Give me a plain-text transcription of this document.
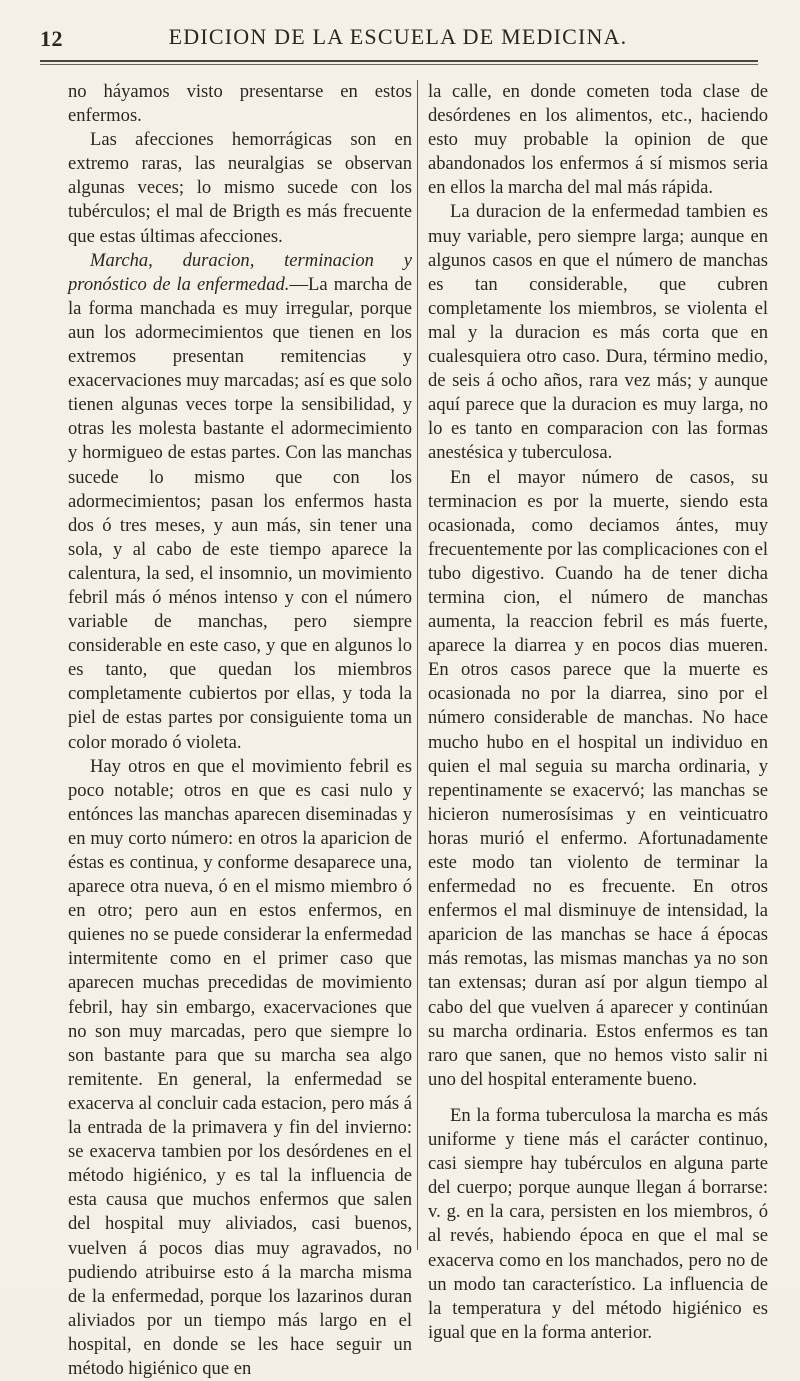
12	EDICION DE LA ESCUELA DE MEDICINA.

no háyamos visto presentarse en estos enfermos.

Las afecciones hemorrágicas son en extremo raras, las neuralgias se observan algunas veces; lo mismo sucede con los tubérculos; el mal de Brigth es más frecuente que estas últimas afecciones.

Marcha, duracion, terminacion y pronóstico de la enfermedad.—La marcha de la forma manchada es muy irregular, porque aun los adormecimientos que tienen en los extremos presentan remitencias y exacervaciones muy marcadas; así es que solo tienen algunas veces torpe la sensibilidad, y otras les molesta bastante el adormecimiento y hormigueo de estas partes. Con las manchas sucede lo mismo que con los adormecimientos; pasan los enfermos hasta dos ó tres meses, y aun más, sin tener una sola, y al cabo de este tiempo aparece la calentura, la sed, el insomnio, un movimiento febril más ó ménos intenso y con el número variable de manchas, pero siempre considerable en este caso, y que en algunos lo es tanto, que quedan los miembros completamente cubiertos por ellas, y toda la piel de estas partes por consiguiente toma un color morado ó violeta.

Hay otros en que el movimiento febril es poco notable; otros en que es casi nulo y entónces las manchas aparecen diseminadas y en muy corto número: en otros la aparicion de éstas es continua, y conforme desaparece una, aparece otra nueva, ó en el mismo miembro ó en otro; pero aun en estos enfermos, en quienes no se puede considerar la enfermedad intermitente como en el primer caso que aparecen muchas precedidas de movimiento febril, hay sin embargo, exacervaciones que no son muy marcadas, pero que siempre lo son bastante para que su marcha sea algo remitente. En general, la enfermedad se exacerva al concluir cada estacion, pero más á la entrada de la primavera y fin del invierno: se exacerva tambien por los desórdenes en el método higiénico, y es tal la influencia de esta causa que muchos enfermos que salen del hospital muy aliviados, casi buenos, vuelven á pocos dias muy agravados, no pudiendo atribuirse esto á la marcha misma de la enfermedad, porque los lazarinos duran aliviados por un tiempo más largo en el hospital, en donde se les hace seguir un método higiénico que en

la calle, en donde cometen toda clase de desórdenes en los alimentos, etc., haciendo esto muy probable la opinion de que abandonados los enfermos á sí mismos seria en ellos la marcha del mal más rápida.

La duracion de la enfermedad tambien es muy variable, pero siempre larga; aunque en algunos casos en que el número de manchas es tan considerable, que cubren completamente los miembros, se violenta el mal y la duracion es más corta que en cualesquiera otro caso. Dura, término medio, de seis á ocho años, rara vez más; y aunque aquí parece que la duracion es muy larga, no lo es tanto en comparacion con las formas anestésica y tuberculosa.

En el mayor número de casos, su terminacion es por la muerte, siendo esta ocasionada, como deciamos ántes, muy frecuentemente por las complicaciones con el tubo digestivo. Cuando ha de tener dicha termina cion, el número de manchas aumenta, la reaccion febril es más fuerte, aparece la diarrea y en pocos dias mueren. En otros casos parece que la muerte es ocasionada no por la diarrea, sino por el número considerable de manchas. No hace mucho hubo en el hospital un individuo en quien el mal seguia su marcha ordinaria, y repentinamente se exacervó; las manchas se hicieron numerosísimas y en veinticuatro horas murió el enfermo. Afortunadamente este modo tan violento de terminar la enfermedad no es frecuente. En otros enfermos el mal disminuye de intensidad, la aparicion de las manchas se hace á épocas más remotas, las mismas manchas ya no son tan extensas; duran así por algun tiempo al cabo del que vuelven á aparecer y continúan su marcha ordinaria. Estos enfermos es tan raro que sanen, que no hemos visto salir ni uno del hospital enteramente bueno.

En la forma tuberculosa la marcha es más uniforme y tiene más el carácter continuo, casi siempre hay tubérculos en alguna parte del cuerpo; porque aunque llegan á borrarse: v. g. en la cara, persisten en los miembros, ó al revés, habiendo época en que el mal se exacerva como en los manchados, pero no de un modo tan característico. La influencia de la temperatura y del método higiénico es igual que en la forma anterior.
